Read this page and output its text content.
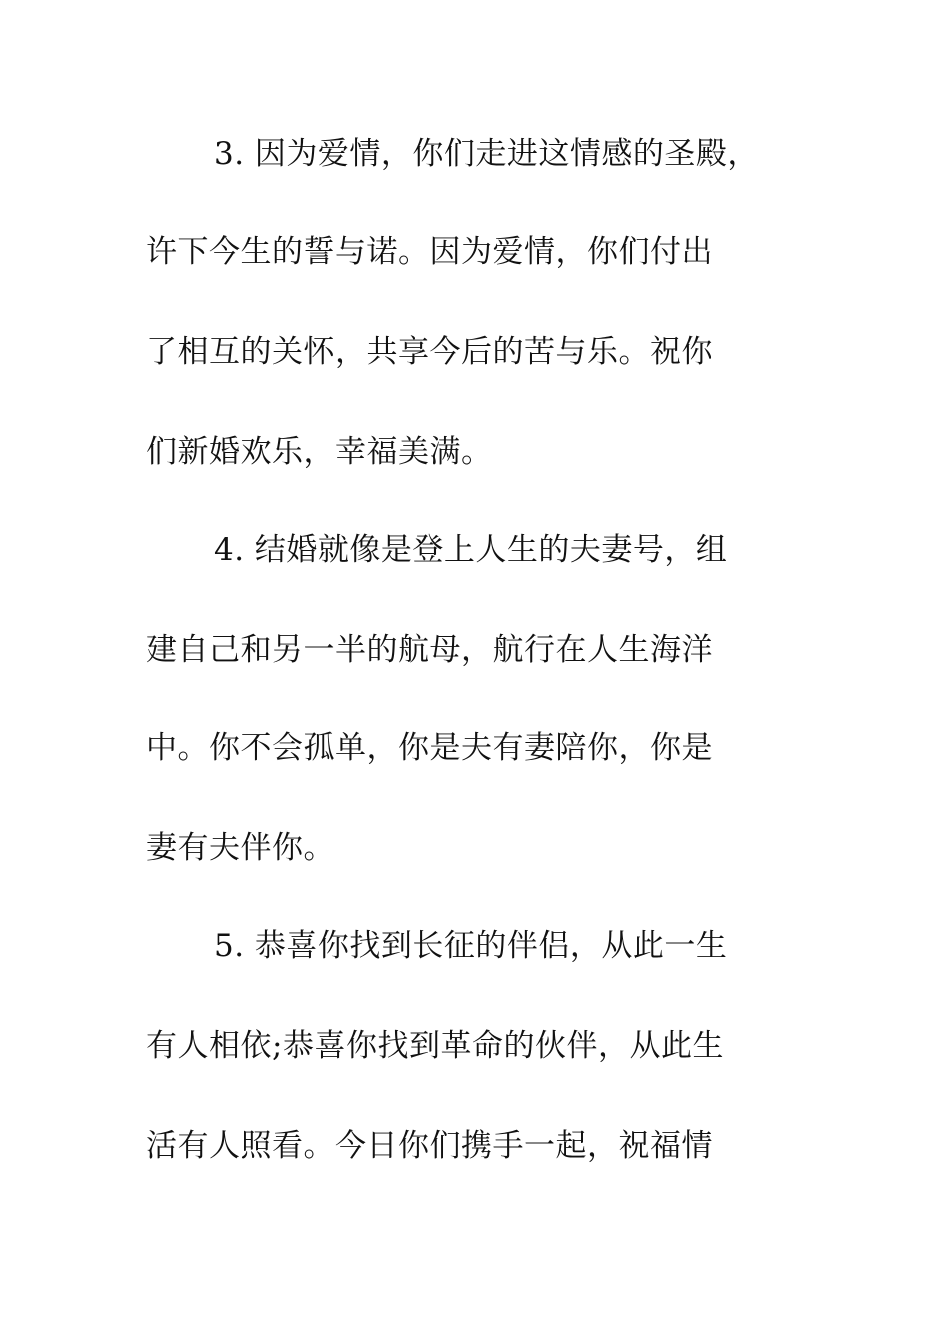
3. 因为爱情，你们走进这情感的圣殿，
许下今生的誓与诺。因为爱情，你们付出
了相互的关怀，共享今后的苦与乐。祝你
们新婚欢乐，幸福美满。
4. 结婚就像是登上人生的夫妻号，组
建自己和另一半的航母，航行在人生海洋
中。你不会孤单，你是夫有妻陪你，你是
妻有夫伴你。
5. 恭喜你找到长征的伴侣，从此一生
有人相依;恭喜你找到革命的伙伴，从此生
活有人照看。今日你们携手一起，祝福情
